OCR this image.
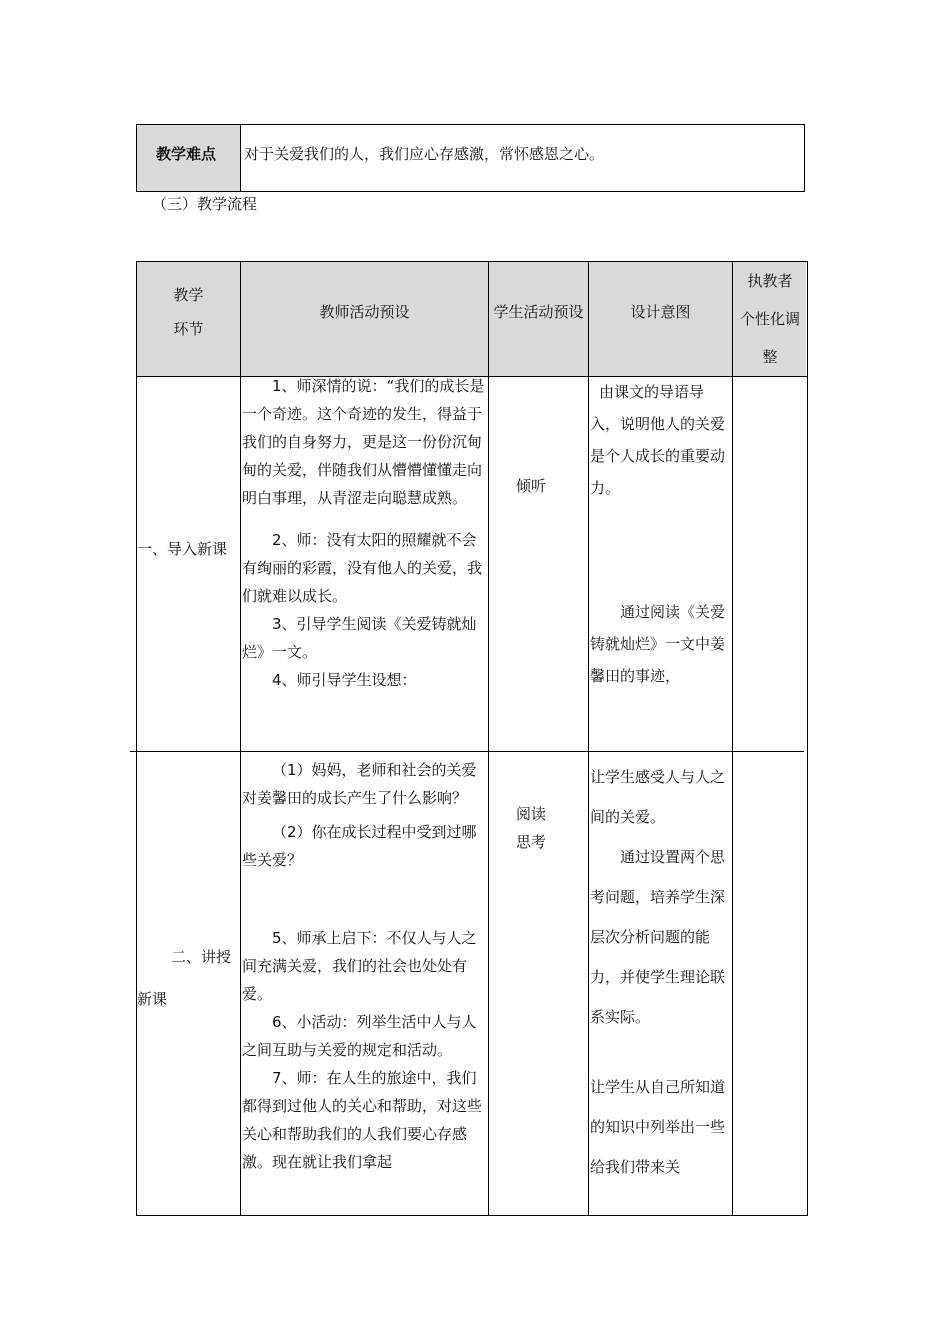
教学难点 对于关爱我们的人，我们应心存感激，常怀感恩之心。
（三）教学流程
教学
环节
教师活动预设	学生活动预设	设计意图
执教者
个性化调
整
一、导入新课

1、师深情的说：“我们的成长是一个奇迹。这个奇迹的发生，得益于我们的自身努力，更是这一份份沉甸甸的关爱，伴随我们从懵懵懂懂走向明白事理，从青涩走向聪慧成熟。

2、师：没有太阳的照耀就不会有绚丽的彩霞，没有他人的关爱，我们就难以成长。

3、引导学生阅读《关爱铸就灿烂》一文。

4、师引导学生设想：

倾听

由课文的导语导入，说明他人的关爱是个人成长的重要动力。

通过阅读《关爱铸就灿烂》一文中姜馨田的事迹，

二、讲授
新课

（1）妈妈，老师和社会的关爱对姜馨田的成长产生了什么影响？

（2）你在成长过程中受到过哪些关爱？

5、师承上启下：不仅人与人之间充满关爱，我们的社会也处处有爱。

6、小活动：列举生活中人与人之间互助与关爱的规定和活动。

7、师：在人生的旅途中，我们都得到过他人的关心和帮助，对这些关心和帮助我们的人我们要心存感激。现在就让我们拿起

阅读
思考

让学生感受人与人之间的关爱。

通过设置两个思考问题，培养学生深层次分析问题的能力，并使学生理论联系实际。

让学生从自己所知道的知识中列举出一些给我们带来关
